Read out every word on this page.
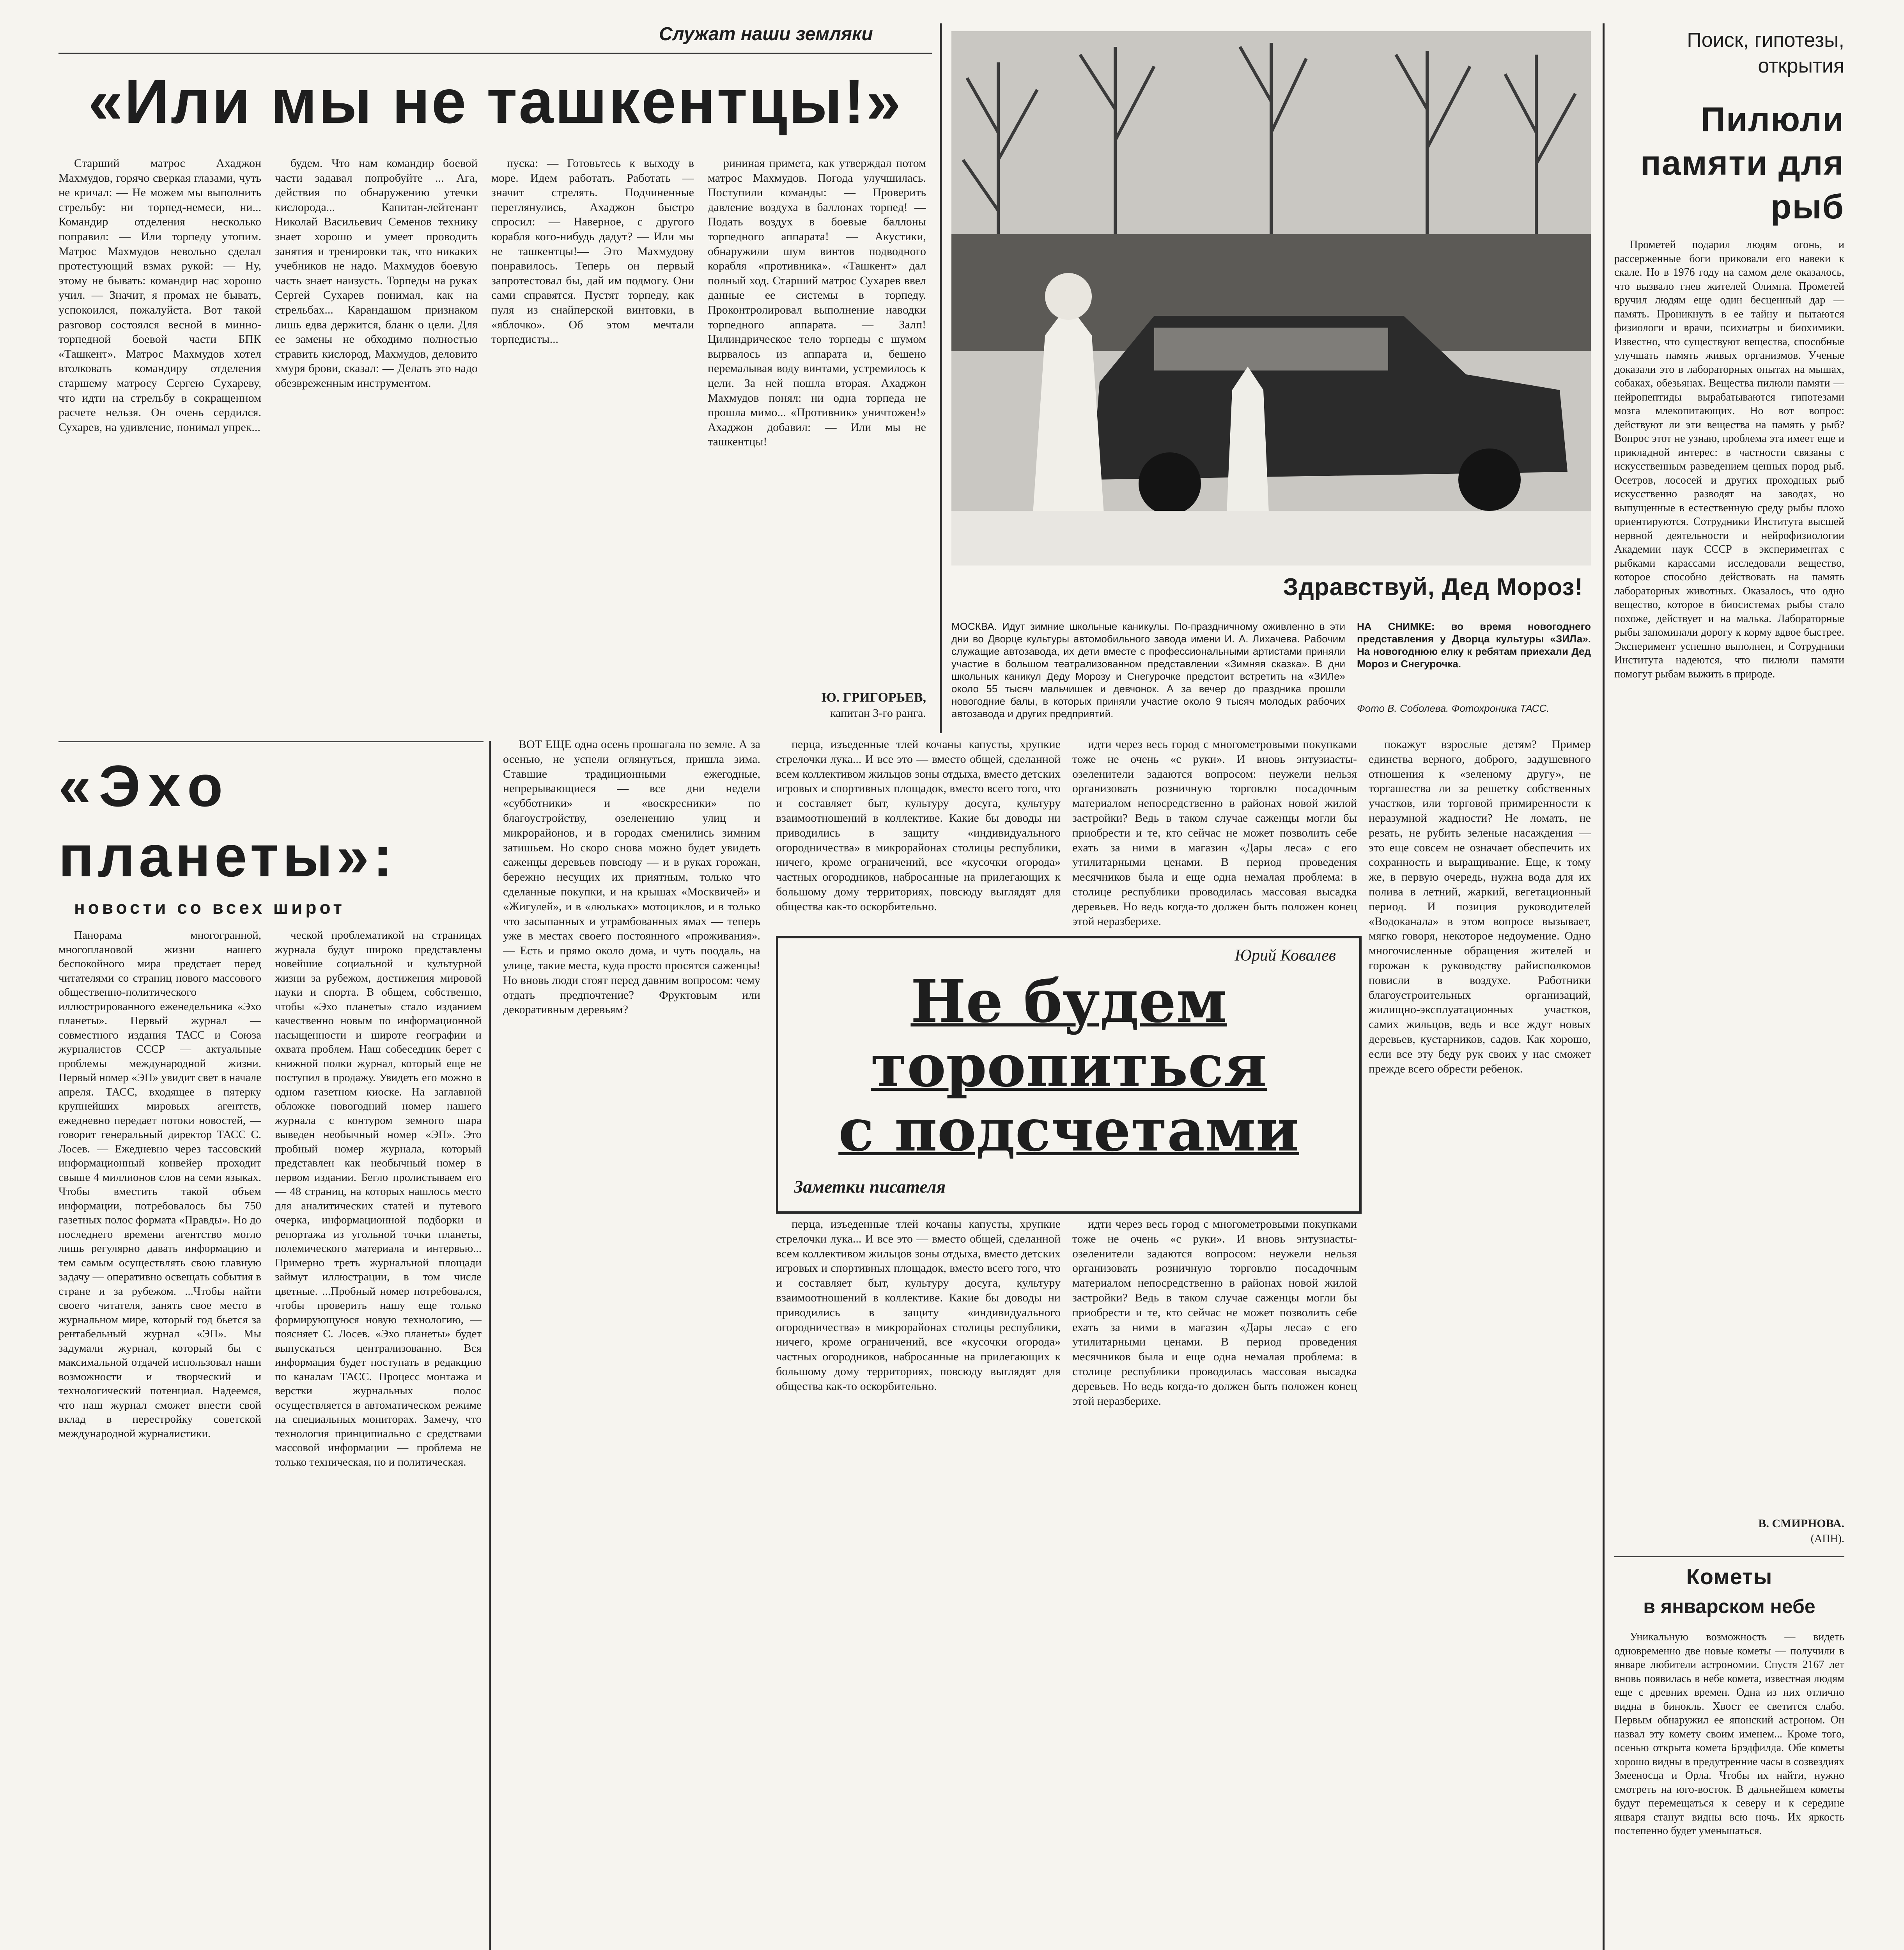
Служат наши земляки
«Или мы не ташкентцы!»

Старший матрос Ахаджон Махмудов, горячо сверкая глазами, чуть не кричал: — Не можем мы выполнить стрельбу: ни торпед-немеси, ни... Командир отделения несколько поправил: — Или торпеду утопим. Матрос Махмудов невольно сделал протестующий взмах рукой: — Ну, этому не бывать: командир нас хорошо учил. — Значит, я промах не бывать, успокоился, пожалуйста. Вот такой разговор состоялся весной в минно-торпедной боевой части БПК «Ташкент». Матрос Махмудов хотел втолковать командиру отделения старшему матросу Сергею Сухареву, что идти на стрельбу в сокращенном расчете нельзя. Он очень сердился. Сухарев, на удивление, понимал упрек...

будем. Что нам командир боевой части задавал попробуйте ... Ага, действия по обнаружению утечки кислорода... Капитан-лейтенант Николай Васильевич Семенов технику знает хорошо и умеет проводить занятия и тренировки так, что никаких учебников не надо. Махмудов боевую часть знает наизусть. Торпеды на руках Сергей Сухарев понимал, как на стрельбах... Карандашом признаком лишь едва держится, бланк о цели. Для ее замены не обходимо полностью стравить кислород, Махмудов, деловито хмуря брови, сказал: — Делать это надо обезвреженным инструментом.

пуска: — Готовьтесь к выходу в море. Идем работать. Работать — значит стрелять. Подчиненные переглянулись, Ахаджон быстро спросил: — Наверное, с другого корабля кого-нибудь дадут? — Или мы не ташкентцы!— Это Махмудову понравилось. Теперь он первый запротестовал бы, дай им подмогу. Они сами справятся. Пустят торпеду, как пуля из снайперской винтовки, в «яблочко». Об этом мечтали торпедисты...

рининая примета, как утверждал потом матрос Махмудов. Погода улучшилась. Поступили команды: — Проверить давление воздуха в баллонах торпед! — Подать воздух в боевые баллоны торпедного аппарата! — Акустики, обнаружили шум винтов подводного корабля «противника». «Ташкент» дал полный ход. Старший матрос Сухарев ввел данные ее системы в торпеду. Проконтролировал выполнение наводки торпедного аппарата. — Залп! Цилиндрическое тело торпеды с шумом вырвалось из аппарата и, бешено перемалывая воду винтами, устремилось к цели. За ней пошла вторая. Ахаджон Махмудов понял: ни одна торпеда не прошла мимо... «Противник» уничтожен!» Ахаджон добавил: — Или мы не ташкентцы!

Ю. ГРИГОРЬЕВ,
капитан 3-го ранга.
Здравствуй, Дед Мороз!
МОСКВА. Идут зимние школьные каникулы. По-праздничному оживленно в эти дни во Дворце культуры автомобильного завода имени И. А. Лихачева. Рабочим служащие автозавода, их дети вместе с профессиональными артистами приняли участие в большом театрализованном представлении «Зимняя сказка». В дни школьных каникул Деду Морозу и Снегурочке предстоит встретить на «ЗИЛе» около 55 тысяч мальчишек и девчонок. А за вечер до праздника прошли новогодние балы, в которых приняли участие около 9 тысяч молодых рабочих автозавода и других предприятий.
НА СНИМКЕ: во время новогоднего представления у Дворца культуры «ЗИЛа». На новогоднюю елку к ребятам приехали Дед Мороз и Снегурочка.
Фото В. Соболева. Фотохроника ТАСС.
Поиск, гипотезы, открытия
Пилюли памяти для рыб

Прометей подарил людям огонь, и рассерженные боги приковали его навеки к скале. Но в 1976 году на самом деле оказалось, что вызвало гнев жителей Олимпа. Прометей вручил людям еще один бесценный дар — память. Проникнуть в ее тайну и пытаются физиологи и врачи, психиатры и биохимики. Известно, что существуют вещества, способные улучшать память живых организмов. Ученые доказали это в лабораторных опытах на мышах, собаках, обезьянах. Вещества пилюли памяти — нейропептиды вырабатываются гипотезами мозга млекопитающих. Но вот вопрос: действуют ли эти вещества на память у рыб? Вопрос этот не узнаю, проблема эта имеет еще и прикладной интерес: в частности связаны с искусственным разведением ценных пород рыб. Осетров, лососей и других проходных рыб искусственно разводят на заводах, но выпущенные в естественную среду рыбы плохо ориентируются. Сотрудники Института высшей нервной деятельности и нейрофизиологии Академии наук СССР в экспериментах с рыбками карассами исследовали вещество, которое способно действовать на память лабораторных животных. Оказалось, что одно вещество, которое в биосистемах рыбы стало похоже, действует и на малька. Лабораторные рыбы запоминали дорогу к корму вдвое быстрее. Эксперимент успешно выполнен, и Сотрудники Института надеются, что пилюли памяти помогут рыбам выжить в природе.

В. СМИРНОВА.
(АПН).
Кометы
в январском небе

Уникальную возможность — видеть одновременно две новые кометы — получили в январе любители астрономии. Спустя 2167 лет вновь появилась в небе комета, известная людям еще с древних времен. Одна из них отлично видна в бинокль. Хвост ее светится слабо. Первым обнаружил ее японский астроном. Он назвал эту комету своим именем... Кроме того, осенью открыта комета Брэдфилда. Обе кометы хорошо видны в предутренние часы в созвездиях Змееносца и Орла. Чтобы их найти, нужно смотреть на юго-восток. В дальнейшем кометы будут перемещаться к северу и к середине января станут видны всю ночь. Их яркость постепенно будет уменьшаться.

«Эхо
планеты»:
новости со всех широт

Панорама многогранной, многоплановой жизни нашего беспокойного мира предстает перед читателями со страниц нового массового общественно-политического иллюстрированного еженедельника «Эхо планеты». Первый журнал — совместного издания ТАСС и Союза журналистов СССР — актуальные проблемы международной жизни. Первый номер «ЭП» увидит свет в начале апреля. ТАСС, входящее в пятерку крупнейших мировых агентств, ежедневно передает потоки новостей, — говорит генеральный директор ТАСС С. Лосев. — Ежедневно через тассовский информационный конвейер проходит свыше 4 миллионов слов на семи языках. Чтобы вместить такой объем информации, потребовалось бы 750 газетных полос формата «Правды». Но до последнего времени агентство могло лишь регулярно давать информацию и тем самым осуществлять свою главную задачу — оперативно освещать события в стране и за рубежом. ...Чтобы найти своего читателя, занять свое место в журнальном мире, который год бьется за рентабельный журнал «ЭП». Мы задумали журнал, который бы с максимальной отдачей использовал наши возможности и творческий и технологический потенциал. Надеемся, что наш журнал сможет внести свой вклад в перестройку советской международной журналистики.

ческой проблематикой на страницах журнала будут широко представлены новейшие социальной и культурной жизни за рубежом, достижения мировой науки и спорта. В общем, собственно, чтобы «Эхо планеты» стало изданием качественно новым по информационной насыщенности и широте географии и охвата проблем. Наш собеседник берет с книжной полки журнал, который еще не поступил в продажу. Увидеть его можно в одном газетном киоске. На заглавной обложке новогодний номер нашего журнала с контуром земного шара выведен необычный номер «ЭП». Это пробный номер журнала, который представлен как необычный номер в первом издании. Бегло пролистываем его — 48 страниц, на которых нашлось место для аналитических статей и путевого очерка, информационной подборки и репортажа из угольной точки планеты, полемического материала и интервью... Примерно треть журнальной площади займут иллюстрации, в том числе цветные. ...Пробный номер потребовался, чтобы проверить нашу еще только формирующуюся новую технологию, — поясняет С. Лосев. «Эхо планеты» будет выпускаться централизованно. Вся информация будет поступать в редакцию по каналам ТАСС. Процесс монтажа и верстки журнальных полос осуществляется в автоматическом режиме на специальных мониторах. Замечу, что технология принципиально с средствами массовой информации — проблема не только техническая, но и политическая.

ВОТ ЕЩЕ одна осень прошагала по земле. А за осенью, не успели оглянуться, пришла зима. Ставшие традиционными ежегодные, непрерывающиеся — все дни недели «субботники» и «воскресники» по благоустройству, озеленению улиц и микрорайонов, и в городах сменились зимним затишьем. Но скоро снова можно будет увидеть саженцы деревьев повсюду — и в руках горожан, бережно несущих их приятным, только что сделанные покупки, и на крышах «Москвичей» и «Жигулей», и в «люльках» мотоциклов, и в только что засыпанных и утрамбованных ямах — теперь уже в местах своего постоянного «проживания». — Есть и прямо около дома, и чуть поодаль, на улице, такие места, куда просто просятся саженцы! Но вновь люди стоят перед давним вопросом: чему отдать предпочтение? Фруктовым или декоративным деревьям?

Юрий Ковалев
Не будем
торопиться
с подсчетами
Заметки писателя

перца, изъеденные тлей кочаны капусты, хрупкие стрелочки лука... И все это — вместо общей, сделанной всем коллективом жильцов зоны отдыха, вместо детских игровых и спортивных площадок, вместо всего того, что и составляет быт, культуру досуга, культуру взаимоотношений в коллективе. Какие бы доводы ни приводились в защиту «индивидуального огородничества» в микрорайонах столицы республики, ничего, кроме ограничений, все «кусочки огорода» частных огородников, набросанные на прилегающих к большому дому территориях, повсюду выглядят для общества как-то оскорбительно.

перца, изъеденные тлей кочаны капусты, хрупкие стрелочки лука... И все это — вместо общей, сделанной всем коллективом жильцов зоны отдыха, вместо детских игровых и спортивных площадок, вместо всего того, что и составляет быт, культуру досуга, культуру взаимоотношений в коллективе. Какие бы доводы ни приводились в защиту «индивидуального огородничества» в микрорайонах столицы республики, ничего, кроме ограничений, все «кусочки огорода» частных огородников, набросанные на прилегающих к большому дому территориях, повсюду выглядят для общества как-то оскорбительно.

идти через весь город с многометровыми покупками тоже не очень «с руки». И вновь энтузиасты-озеленители задаются вопросом: неужели нельзя организовать розничную торговлю посадочным материалом непосредственно в районах новой жилой застройки? Ведь в таком случае саженцы могли бы приобрести и те, кто сейчас не может позволить себе ехать за ними в магазин «Дары леса» с его утилитарными ценами. В период проведения месячников была и еще одна немалая проблема: в столице республики проводилась массовая высадка деревьев. Но ведь когда-то должен быть положен конец этой неразберихе.

идти через весь город с многометровыми покупками тоже не очень «с руки». И вновь энтузиасты-озеленители задаются вопросом: неужели нельзя организовать розничную торговлю посадочным материалом непосредственно в районах новой жилой застройки? Ведь в таком случае саженцы могли бы приобрести и те, кто сейчас не может позволить себе ехать за ними в магазин «Дары леса» с его утилитарными ценами. В период проведения месячников была и еще одна немалая проблема: в столице республики проводилась массовая высадка деревьев. Но ведь когда-то должен быть положен конец этой неразберихе.

покажут взрослые детям? Пример единства верного, доброго, задушевного отношения к «зеленому другу», не торгашества ли за решетку собственных участков, или торговой примиренности к неразумной жадности? Не ломать, не резать, не рубить зеленые насаждения — это еще совсем не означает обеспечить их сохранность и выращивание. Еще, к тому же, в первую очередь, нужна вода для их полива в летний, жаркий, вегетационный период. И позиция руководителей «Водоканала» в этом вопросе вызывает, мягко говоря, некоторое недоумение. Одно многочисленные обращения жителей и горожан к руководству райисполкомов повисли в воздухе. Работники благоустроительных организаций, жилищно-эксплуатационных участков, самих жильцов, ведь и все ждут новых деревьев, кустарников, садов. Как хорошо, если все эту беду рук своих у нас сможет прежде всего обрести ребенок.
